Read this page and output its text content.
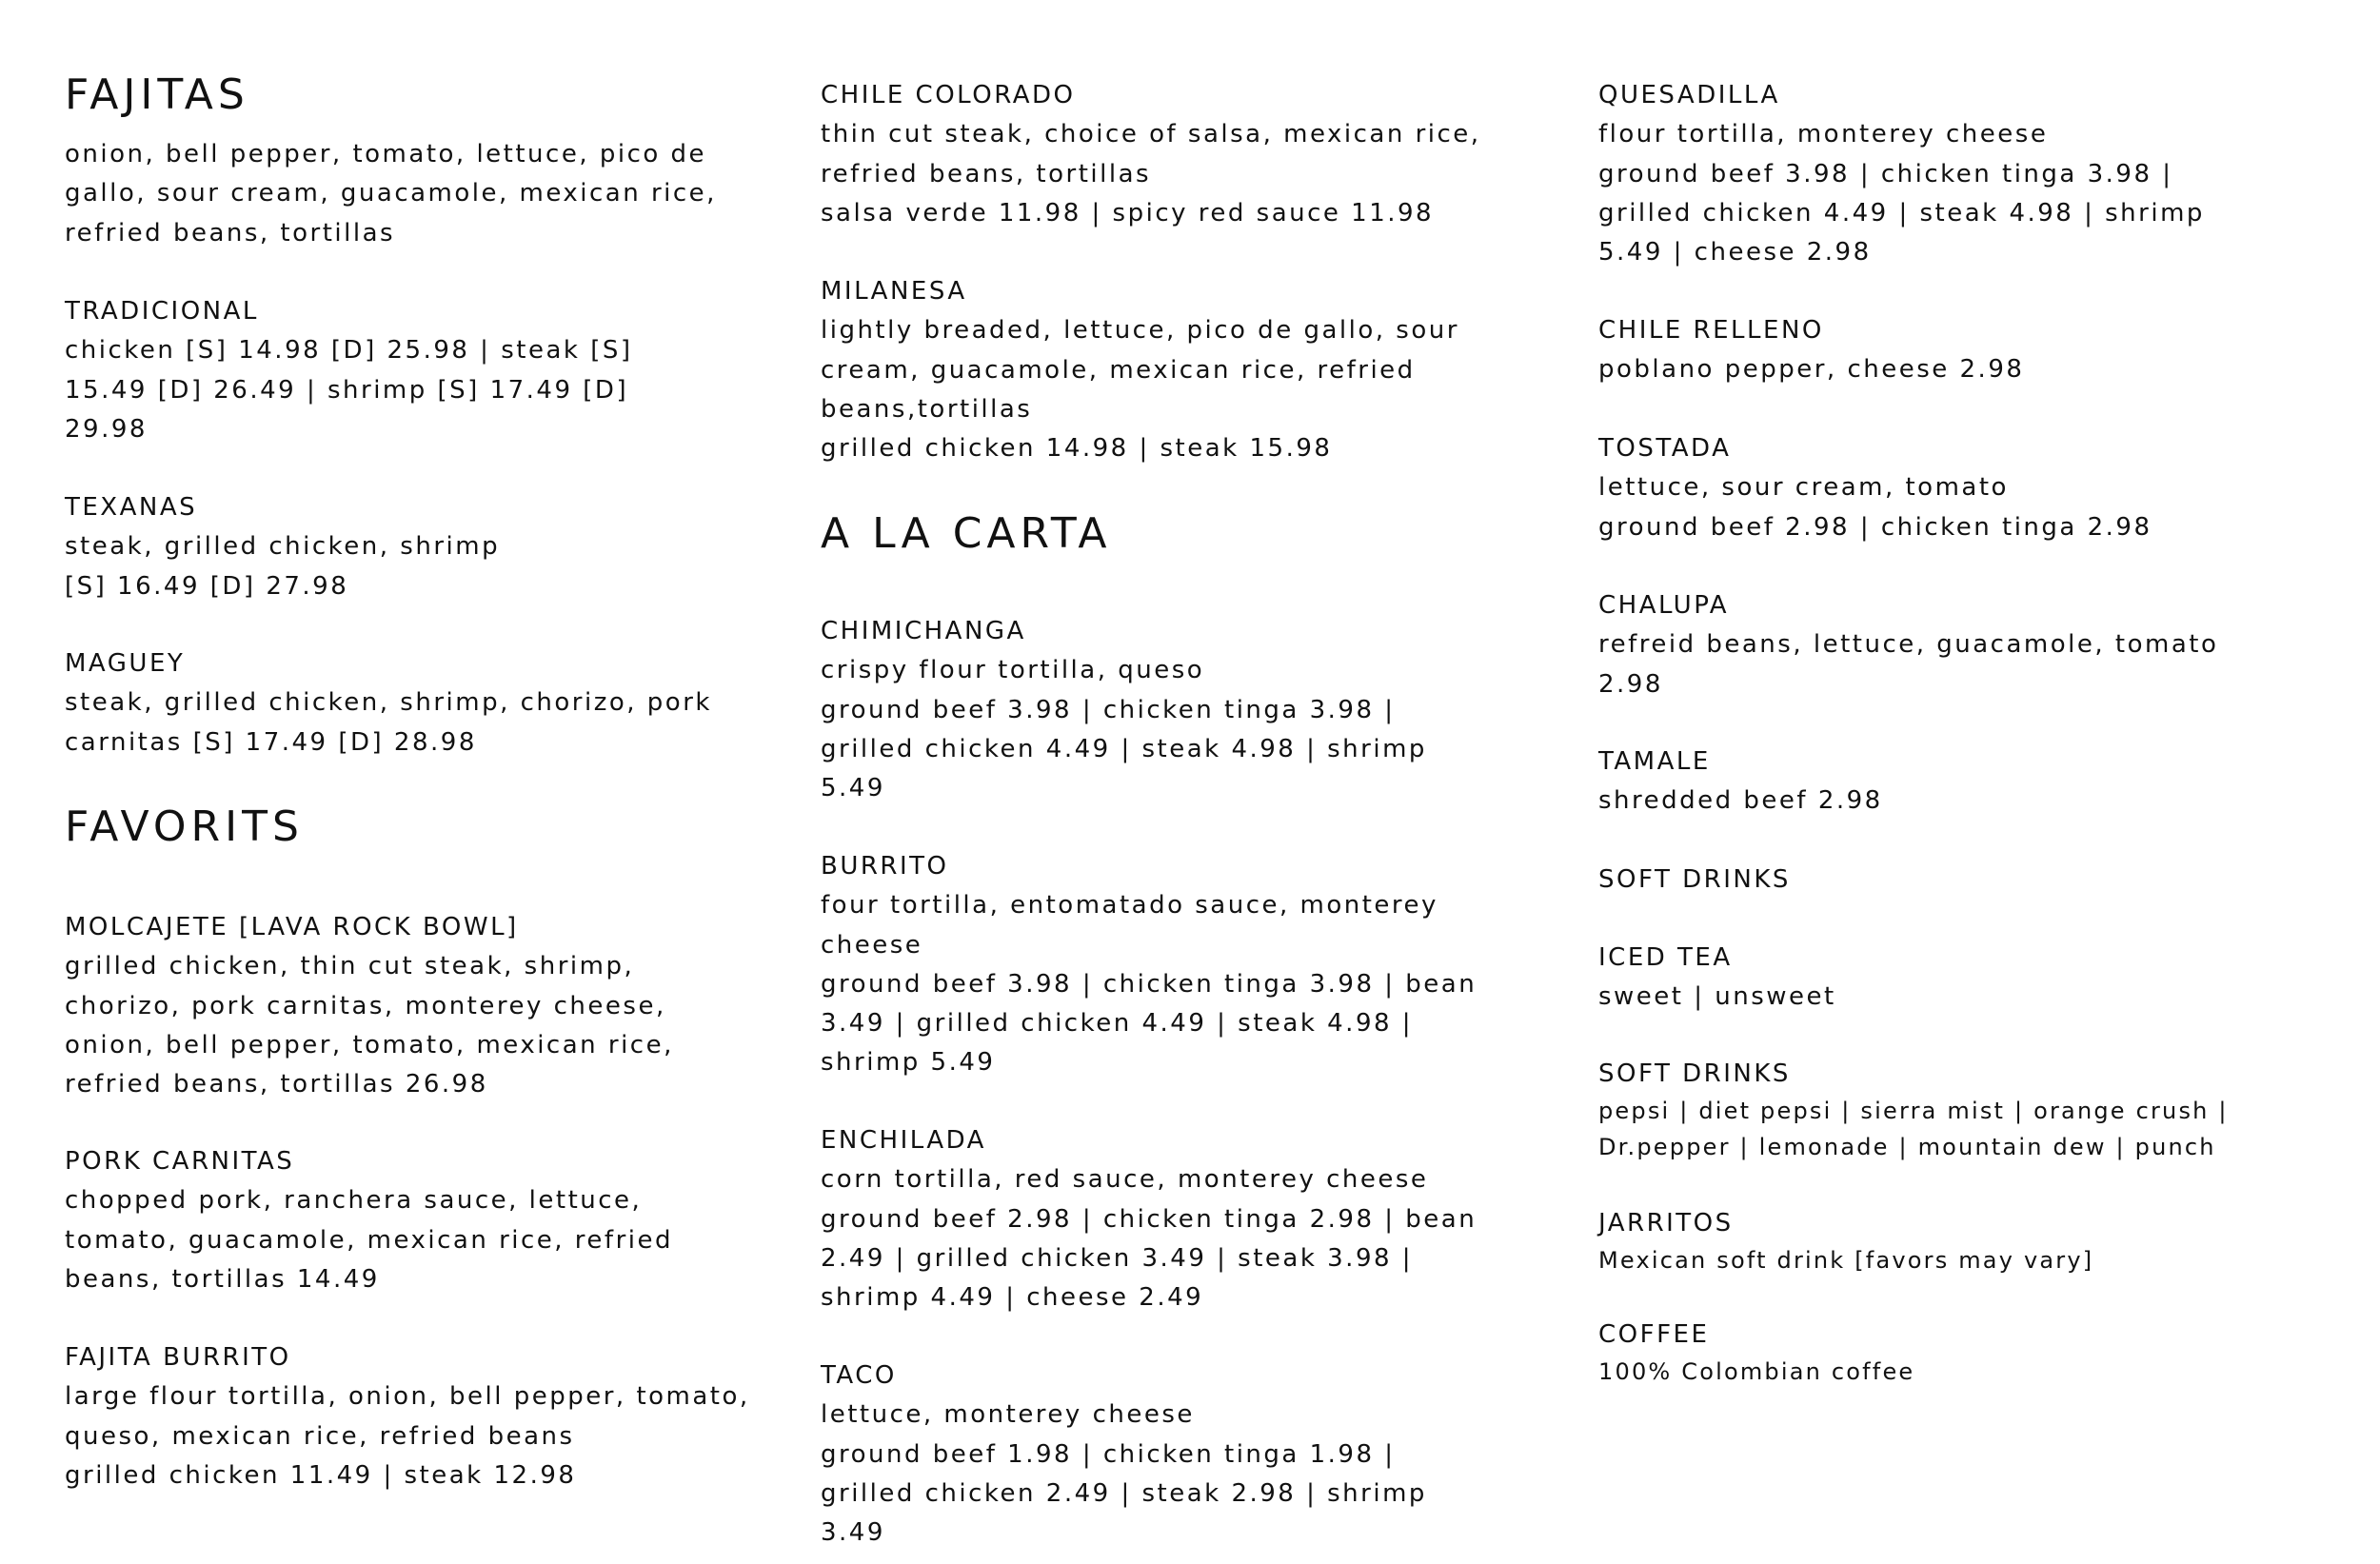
FAJITAS
onion, bell pepper, tomato, lettuce, pico de
gallo, sour cream, guacamole, mexican rice,
refried beans, tortillas
TRADICIONAL
chicken [S] 14.98 [D] 25.98 | steak [S]
15.49 [D] 26.49 | shrimp [S] 17.49 [D]
29.98
TEXANAS
steak, grilled chicken, shrimp
[S] 16.49 [D] 27.98
MAGUEY
steak, grilled chicken, shrimp, chorizo, pork
carnitas [S] 17.49 [D] 28.98
FAVORITS
MOLCAJETE [LAVA ROCK BOWL]
grilled chicken, thin cut steak, shrimp,
chorizo, pork carnitas, monterey cheese,
onion, bell pepper, tomato, mexican rice,
refried beans, tortillas 26.98
PORK CARNITAS
chopped pork, ranchera sauce, lettuce,
tomato, guacamole, mexican rice, refried
beans, tortillas 14.49
FAJITA BURRITO
large flour tortilla, onion, bell pepper, tomato,
queso, mexican rice, refried beans
grilled chicken 11.49 | steak 12.98
CHILE COLORADO
thin cut steak, choice of salsa, mexican rice,
refried beans, tortillas
salsa verde 11.98 | spicy red sauce 11.98
MILANESA
lightly breaded, lettuce, pico de gallo, sour
cream, guacamole, mexican rice, refried
beans,tortillas
grilled chicken 14.98 | steak 15.98
A LA CARTA
CHIMICHANGA
crispy flour tortilla, queso
ground beef 3.98 | chicken tinga 3.98 |
grilled chicken 4.49 | steak 4.98 | shrimp
5.49
BURRITO
four tortilla, entomatado sauce, monterey
cheese
ground beef 3.98 | chicken tinga 3.98 | bean
3.49 | grilled chicken 4.49 | steak 4.98 |
shrimp 5.49
ENCHILADA
corn tortilla, red sauce, monterey cheese
ground beef 2.98 | chicken tinga 2.98 | bean
2.49 | grilled chicken 3.49 | steak 3.98 |
shrimp 4.49 | cheese 2.49
TACO
lettuce, monterey cheese
ground beef 1.98 | chicken tinga 1.98 |
grilled chicken 2.49 | steak 2.98 | shrimp
3.49
QUESADILLA
flour tortilla, monterey cheese
ground beef 3.98 | chicken tinga 3.98 |
grilled chicken 4.49 | steak 4.98 | shrimp
5.49 | cheese 2.98
CHILE RELLENO
poblano pepper, cheese 2.98
TOSTADA
lettuce, sour cream, tomato
ground beef 2.98 | chicken tinga 2.98
CHALUPA
refreid beans, lettuce, guacamole, tomato
2.98
TAMALE
shredded beef 2.98
SOFT DRINKS
ICED TEA
sweet | unsweet
SOFT DRINKS
pepsi | diet pepsi | sierra mist | orange crush |
Dr.pepper | lemonade | mountain dew | punch
JARRITOS
Mexican soft drink [favors may vary]
COFFEE
100% Colombian coffee
